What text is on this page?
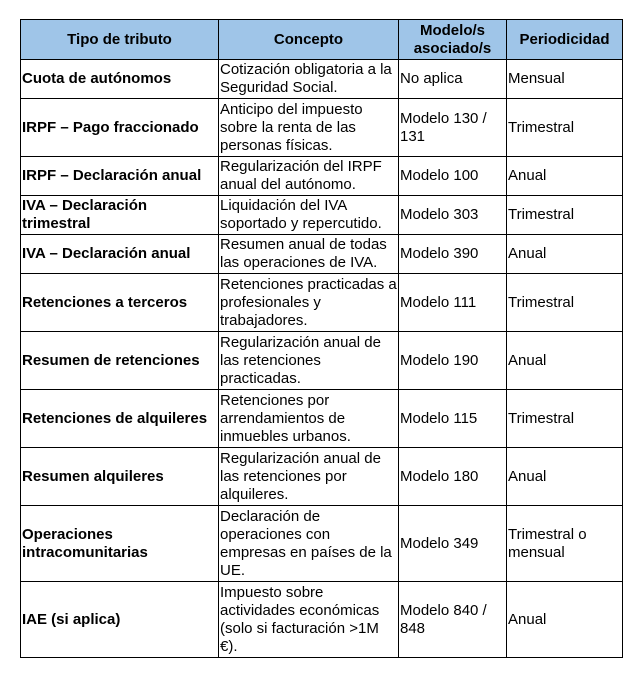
Tipo de tributo	Concepto	Modelo/s asociado/s	Periodicidad
Cuota de autónomos	Cotización obligatoria a la Seguridad Social.	No aplica	Mensual
IRPF – Pago fraccionado	Anticipo del impuesto sobre la renta de las personas físicas.	Modelo 130 / 131	Trimestral
IRPF – Declaración anual	Regularización del IRPF anual del autónomo.	Modelo 100	Anual
IVA – Declaración trimestral	Liquidación del IVA soportado y repercutido.	Modelo 303	Trimestral
IVA – Declaración anual	Resumen anual de todas las operaciones de IVA.	Modelo 390	Anual
Retenciones a terceros	Retenciones practicadas a profesionales y trabajadores.	Modelo 111	Trimestral
Resumen de retenciones	Regularización anual de las retenciones practicadas.	Modelo 190	Anual
Retenciones de alquileres	Retenciones por arrendamientos de inmuebles urbanos.	Modelo 115	Trimestral
Resumen alquileres	Regularización anual de las retenciones por alquileres.	Modelo 180	Anual
Operaciones intracomunitarias	Declaración de operaciones con empresas en países de la UE.	Modelo 349	Trimestral o mensual
IAE (si aplica)	Impuesto sobre actividades económicas (solo si facturación >1M €).	Modelo 840 / 848	Anual
